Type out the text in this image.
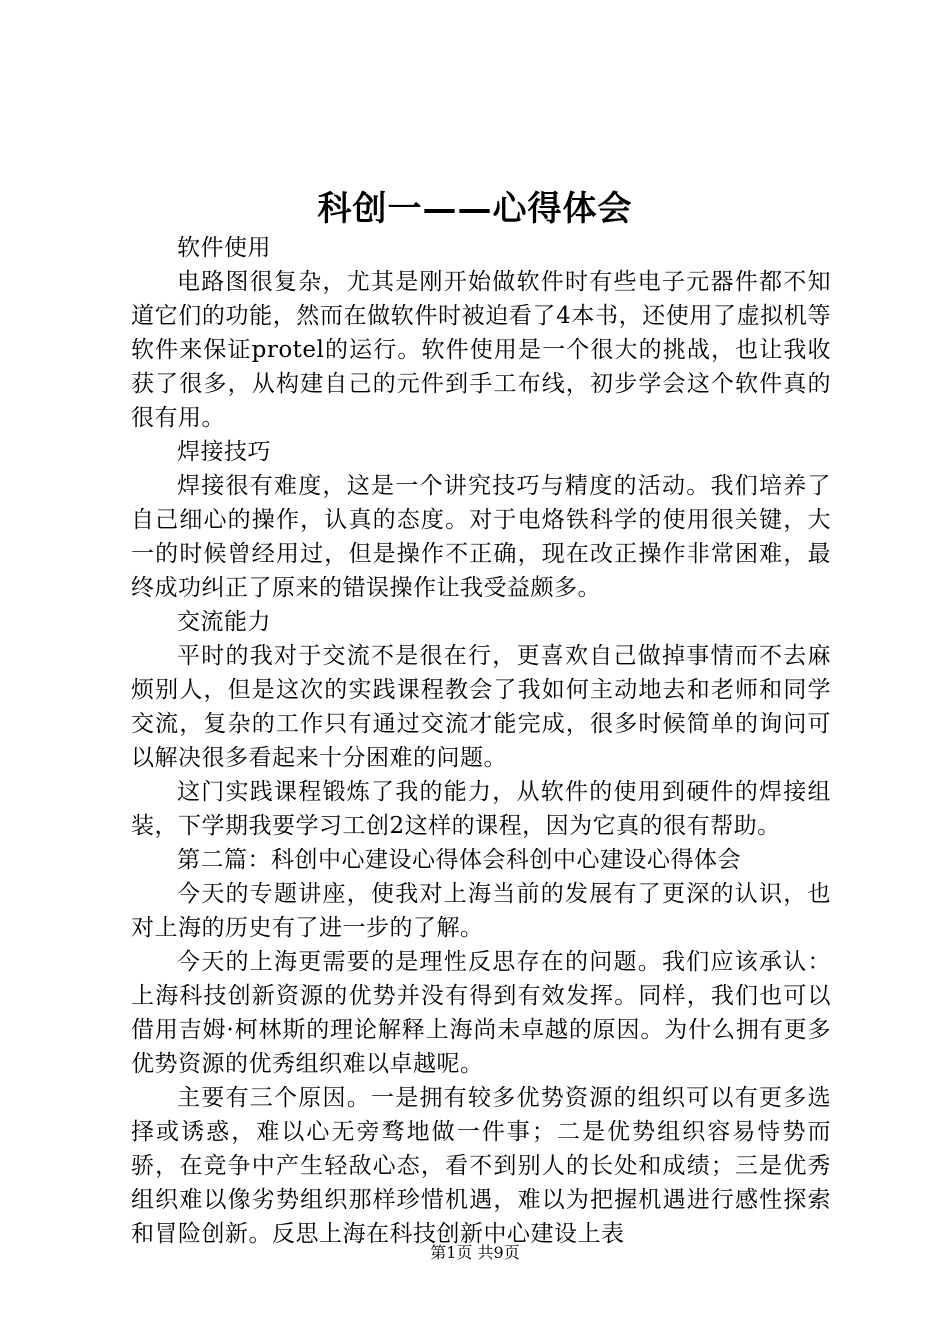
科创一——心得体会

软件使用

电路图很复杂，尤其是刚开始做软件时有些电子元器件都不知道它们的功能，然而在做软件时被迫看了4本书，还使用了虚拟机等软件来保证protel的运行。软件使用是一个很大的挑战，也让我收获了很多，从构建自己的元件到手工布线，初步学会这个软件真的很有用。

焊接技巧

焊接很有难度，这是一个讲究技巧与精度的活动。我们培养了自己细心的操作，认真的态度。对于电烙铁科学的使用很关键，大一的时候曾经用过，但是操作不正确，现在改正操作非常困难，最终成功纠正了原来的错误操作让我受益颇多。

交流能力

平时的我对于交流不是很在行，更喜欢自己做掉事情而不去麻烦别人，但是这次的实践课程教会了我如何主动地去和老师和同学交流，复杂的工作只有通过交流才能完成，很多时候简单的询问可以解决很多看起来十分困难的问题。

这门实践课程锻炼了我的能力，从软件的使用到硬件的焊接组装，下学期我要学习工创2这样的课程，因为它真的很有帮助。

第二篇：科创中心建设心得体会科创中心建设心得体会

今天的专题讲座，使我对上海当前的发展有了更深的认识，也对上海的历史有了进一步的了解。

今天的上海更需要的是理性反思存在的问题。我们应该承认：上海科技创新资源的优势并没有得到有效发挥。同样，我们也可以借用吉姆·柯林斯的理论解释上海尚未卓越的原因。为什么拥有更多优势资源的优秀组织难以卓越呢。

主要有三个原因。一是拥有较多优势资源的组织可以有更多选择或诱惑，难以心无旁骛地做一件事；二是优势组织容易恃势而骄，在竞争中产生轻敌心态，看不到别人的长处和成绩；三是优秀组织难以像劣势组织那样珍惜机遇，难以为把握机遇进行感性探索和冒险创新。反思上海在科技创新中心建设上表

第1页 共9页
